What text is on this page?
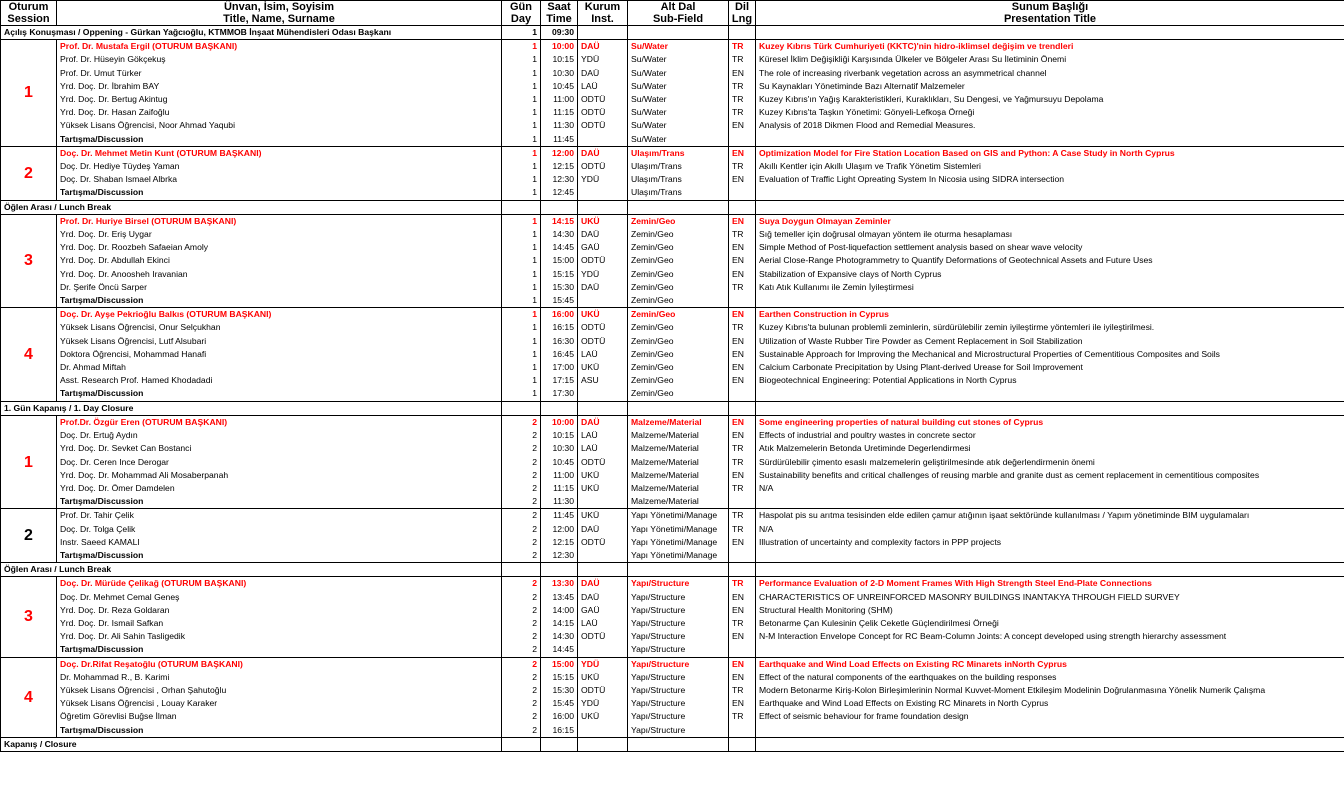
Oturum	Ünvan, İsim, Soyisim	Gün	Saat	Kurum	Alt Dal	Dil	Sunum Başlığı
Session	Title, Name, Surname	Day	Time	Inst.	Sub-Field	Lng	Presentation Title
Açılış Konuşması / Oppening - Gürkan Yağcıoğlu, KTMMOB İnşaat Mühendisleri Odası Başkanı		1	09:30				
1	Prof. Dr. Mustafa Ergil (OTURUM BAŞKANI)	1	10:00	DAÜ	Su/Water	TR	Kuzey Kıbrıs Türk Cumhuriyeti (KKTC)'nin hidro-iklimsel değişim ve trendleri
	Prof. Dr. Hüseyin Gökçekuş	1	10:15	YDÜ	Su/Water	TR	Küresel İklim Değişikliği Karşısında Ülkeler ve Bölgeler Arası Su İletiminin Önemi
	Prof. Dr. Umut Türker	1	10:30	DAÜ	Su/Water	EN	The role of increasing riverbank vegetation across an asymmetrical channel
	Yrd. Doç. Dr. İbrahim BAY	1	10:45	LAÜ	Su/Water	TR	Su Kaynakları Yönetiminde Bazı Alternatif Malzemeler
	Yrd. Doç. Dr. Bertug Akintug	1	11:00	ODTÜ	Su/Water	TR	Kuzey Kıbrıs'ın Yağış Karakteristikleri, Kuraklıkları, Su Dengesi, ve Yağmursuyu Depolama
	Yrd. Doç. Dr. Hasan Zaifoğlu	1	11:15	ODTÜ	Su/Water	TR	Kuzey Kıbrıs'ta Taşkın Yönetimi: Gönyeli-Lefkoşa Örneği
	Yüksek Lisans Öğrencisi, Noor Ahmad Yaqubi	1	11:30	ODTÜ	Su/Water	EN	Analysis of 2018 Dikmen Flood and Remedial Measures.
	Tartışma/Discussion	1	11:45		Su/Water		
2	Doç. Dr. Mehmet Metin Kunt (OTURUM BAŞKANI)	1	12:00	DAÜ	Ulaşım/Trans	EN	Optimization Model for Fire Station Location Based on GIS and Python: A Case Study in North Cyprus
	Doç. Dr. Hediye Tüydeş Yaman	1	12:15	ODTÜ	Ulaşım/Trans	TR	Akıllı Kentler için Akıllı Ulaşım ve Trafik Yönetim Sistemleri
	Doç. Dr. Shaban Ismael Albrka	1	12:30	YDÜ	Ulaşım/Trans	EN	Evaluation of Traffic Light Opreating System In Nicosia using SIDRA intersection
	Tartışma/Discussion	1	12:45		Ulaşım/Trans		
Öğlen Arası / Lunch Break							
3	Prof. Dr. Huriye Birsel (OTURUM BAŞKANI)	1	14:15	UKÜ	Zemin/Geo	EN	Suya Doygun Olmayan Zeminler
	Yrd. Doç. Dr. Eriş Uygar	1	14:30	DAÜ	Zemin/Geo	TR	Sığ temeller için doğrusal olmayan yöntem ile oturma hesaplaması
	Yrd. Doç. Dr. Roozbeh Safaeian Amoly	1	14:45	GAÜ	Zemin/Geo	EN	Simple Method of Post-liquefaction settlement analysis based on shear wave velocity
	Yrd. Doç. Dr. Abdullah Ekinci	1	15:00	ODTÜ	Zemin/Geo	EN	Aerial Close-Range Photogrammetry to Quantify Deformations of Geotechnical Assets and Future Uses
	Yrd. Doç. Dr. Anoosheh Iravanian	1	15:15	YDÜ	Zemin/Geo	EN	Stabilization of Expansive clays of North Cyprus
	Dr. Şerife Öncü Sarper	1	15:30	DAÜ	Zemin/Geo	TR	Katı Atık Kullanımı ile Zemin İyileştirmesi
	Tartışma/Discussion	1	15:45		Zemin/Geo		
4	Doç. Dr. Ayşe Pekrioğlu Balkıs (OTURUM BAŞKANI)	1	16:00	UKÜ	Zemin/Geo	EN	Earthen Construction in Cyprus
	Yüksek Lisans Öğrencisi, Onur Selçukhan	1	16:15	ODTÜ	Zemin/Geo	TR	Kuzey Kıbrıs'ta bulunan problemli zeminlerin, sürdürülebilir zemin iyileştirme yöntemleri ile iyileştirilmesi.
	Yüksek Lisans Öğrencisi, Lutf Alsubari	1	16:30	ODTÜ	Zemin/Geo	EN	Utilization of Waste Rubber Tire Powder as Cement Replacement in Soil Stabilization
	Doktora Öğrencisi, Mohammad Hanafi	1	16:45	LAÜ	Zemin/Geo	EN	Sustainable Approach for Improving the Mechanical and Microstructural Properties of Cementitious Composites and Soils
	Dr. Ahmad Miftah	1	17:00	UKÜ	Zemin/Geo	EN	Calcium Carbonate Precipitation by Using Plant-derived Urease for Soil Improvement
	Asst. Research Prof. Hamed Khodadadi	1	17:15	ASU	Zemin/Geo	EN	Biogeotechnical Engineering: Potential Applications in North Cyprus
	Tartışma/Discussion	1	17:30		Zemin/Geo		
1. Gün Kapanış / 1. Day Closure							
1	Prof.Dr. Özgür Eren (OTURUM BAŞKANI)	2	10:00	DAÜ	Malzeme/Material	EN	Some engineering properties of natural building cut stones of Cyprus
	Doç. Dr. Ertuğ Aydın	2	10:15	LAÜ	Malzeme/Material	EN	Effects of industrial and poultry wastes in concrete sector
	Yrd. Doç. Dr. Sevket Can Bostanci	2	10:30	LAÜ	Malzeme/Material	TR	Atık Malzemelerin Betonda Uretiminde Degerlendirmesi
	Doç. Dr. Ceren Ince Derogar	2	10:45	ODTÜ	Malzeme/Material	TR	Sürdürülebilir çimento esaslı malzemelerin geliştirilmesinde atık değerlendirmenin önemi
	Yrd. Doç. Dr. Mohammad Ali Mosaberpanah	2	11:00	UKÜ	Malzeme/Material	EN	Sustainability benefits and critical challenges of reusing marble and granite dust as cement replacement in cementitious composites
	Yrd. Doç. Dr. Ömer Damdelen	2	11:15	UKÜ	Malzeme/Material	TR	N/A
	Tartışma/Discussion	2	11:30		Malzeme/Material		
2	Prof. Dr. Tahir Çelik	2	11:45	UKÜ	Yapı Yönetimi/Manage	TR	Haspolat pis su arıtma tesisinden elde edilen çamur atığının işaat sektöründe kullanılması / Yapım yönetiminde BIM uygulamaları
	Doç. Dr. Tolga Çelik	2	12:00	DAÜ	Yapı Yönetimi/Manage	TR	N/A
	Instr. Saeed KAMALI	2	12:15	ODTÜ	Yapı Yönetimi/Manage	EN	Illustration of uncertainty and complexity factors in PPP projects
	Tartışma/Discussion	2	12:30		Yapı Yönetimi/Manage		
Öğlen Arası / Lunch Break							
3	Doç. Dr. Mürüde Çelikağ (OTURUM BAŞKANI)	2	13:30	DAÜ	Yapı/Structure	TR	Performance Evaluation of 2-D Moment Frames With High Strength Steel End-Plate Connections
	Doç. Dr. Mehmet Cemal Geneş	2	13:45	DAÜ	Yapı/Structure	EN	CHARACTERISTICS OF UNREINFORCED MASONRY BUILDINGS INANTAKYA THROUGH FIELD SURVEY
	Yrd. Doç. Dr. Reza Goldaran	2	14:00	GAÜ	Yapı/Structure	EN	Structural Health Monitoring (SHM)
	Yrd. Doç. Dr. Ismail Safkan	2	14:15	LAÜ	Yapı/Structure	TR	Betonarme Çan Kulesinin Çelik Ceketle Güçlendirilmesi Örneği
	Yrd. Doç. Dr. Ali Sahin Tasligedik	2	14:30	ODTÜ	Yapı/Structure	EN	N-M Interaction Envelope Concept for RC Beam-Column Joints: A concept developed using strength hierarchy assessment
	Tartışma/Discussion	2	14:45		Yapı/Structure		
4	Doç. Dr.Rifat Reşatoğlu (OTURUM BAŞKANI)	2	15:00	YDÜ	Yapı/Structure	EN	Earthquake and Wind Load Effects on Existing RC Minarets inNorth Cyprus
	Dr. Mohammad R., B. Karimi	2	15:15	UKÜ	Yapı/Structure	EN	Effect of the natural components of the earthquakes on the building responses
	Yüksek Lisans Öğrencisi , Orhan Şahutoğlu	2	15:30	ODTÜ	Yapı/Structure	TR	Modern Betonarme Kiriş-Kolon Birleşimlerinin Normal Kuvvet-Moment Etkileşim Modelinin Doğrulanmasına Yönelik Numerik Çalışma
	Yüksek Lisans Öğrencisi , Louay Karaker	2	15:45	YDÜ	Yapı/Structure	EN	Earthquake and Wind Load Effects on Existing RC Minarets in North Cyprus
	Öğretim Görevlisi Buğse İlman	2	16:00	UKÜ	Yapı/Structure	TR	Effect of seismic behaviour for frame foundation design
	Tartışma/Discussion	2	16:15		Yapı/Structure		
Kapanış / Closure							
